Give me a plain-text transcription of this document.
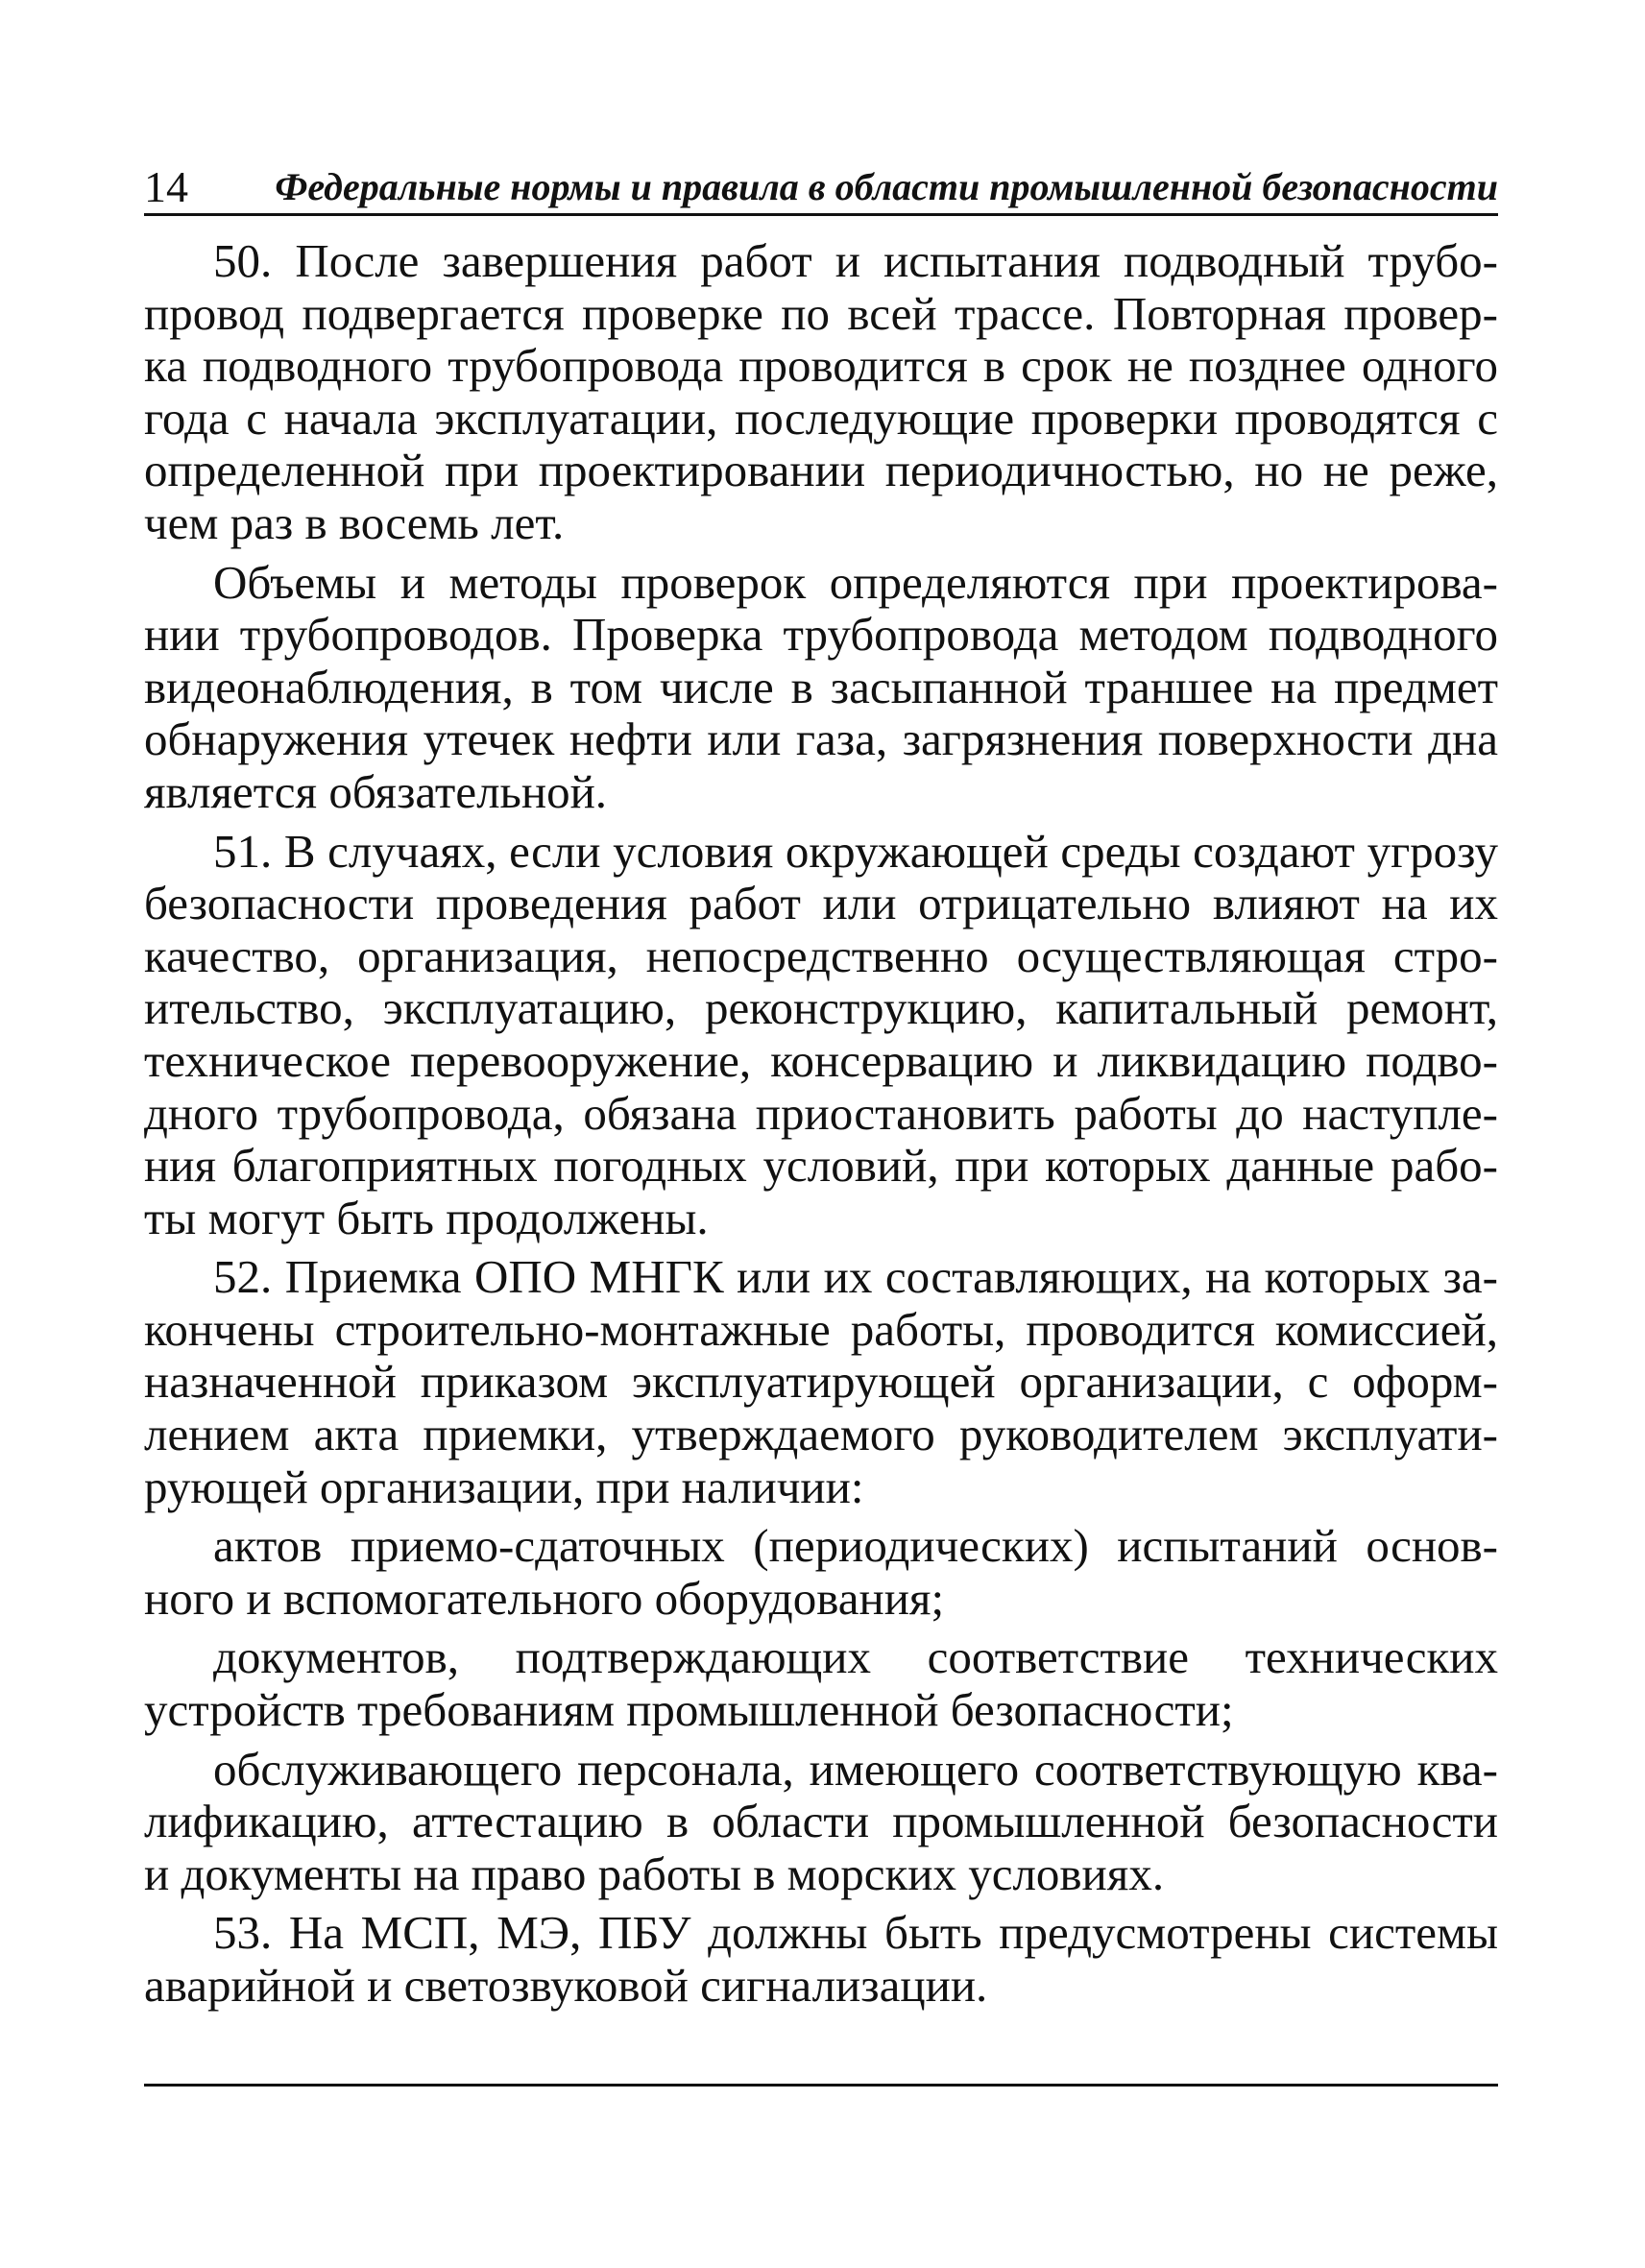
14 Федеральные нормы и правила в области промышленной безопасности
50. После завершения работ и испытания подводный трубо-
провод подвергается проверке по всей трассе. Повторная провер-
ка подводного трубопровода проводится в срок не позднее одного
года с начала эксплуатации, последующие проверки проводятся с
определенной при проектировании периодичностью, но не реже,
чем раз в восемь лет.
Объемы и методы проверок определяются при проектирова-
нии трубопроводов. Проверка трубопровода методом подводного
видеонаблюдения, в том числе в засыпанной траншее на предмет
обнаружения утечек нефти или газа, загрязнения поверхности дна
является обязательной.
51. В случаях, если условия окружающей среды создают угрозу
безопасности проведения работ или отрицательно влияют на их
качество, организация, непосредственно осуществляющая стро-
ительство, эксплуатацию, реконструкцию, капитальный ремонт,
техническое перевооружение, консервацию и ликвидацию подво-
дного трубопровода, обязана приостановить работы до наступле-
ния благоприятных погодных условий, при которых данные рабо-
ты могут быть продолжены.
52. Приемка ОПО МНГК или их составляющих, на которых за-
кончены строительно-монтажные работы, проводится комиссией,
назначенной приказом эксплуатирующей организации, с оформ-
лением акта приемки, утверждаемого руководителем эксплуати-
рующей организации, при наличии:
актов приемо-сдаточных (периодических) испытаний основ-
ного и вспомогательного оборудования;
документов, подтверждающих соответствие технических
устройств требованиям промышленной безопасности;
обслуживающего персонала, имеющего соответствующую ква-
лификацию, аттестацию в области промышленной безопасности
и документы на право работы в морских условиях.
53. На МСП, МЭ, ПБУ должны быть предусмотрены системы
аварийной и светозвуковой сигнализации.
